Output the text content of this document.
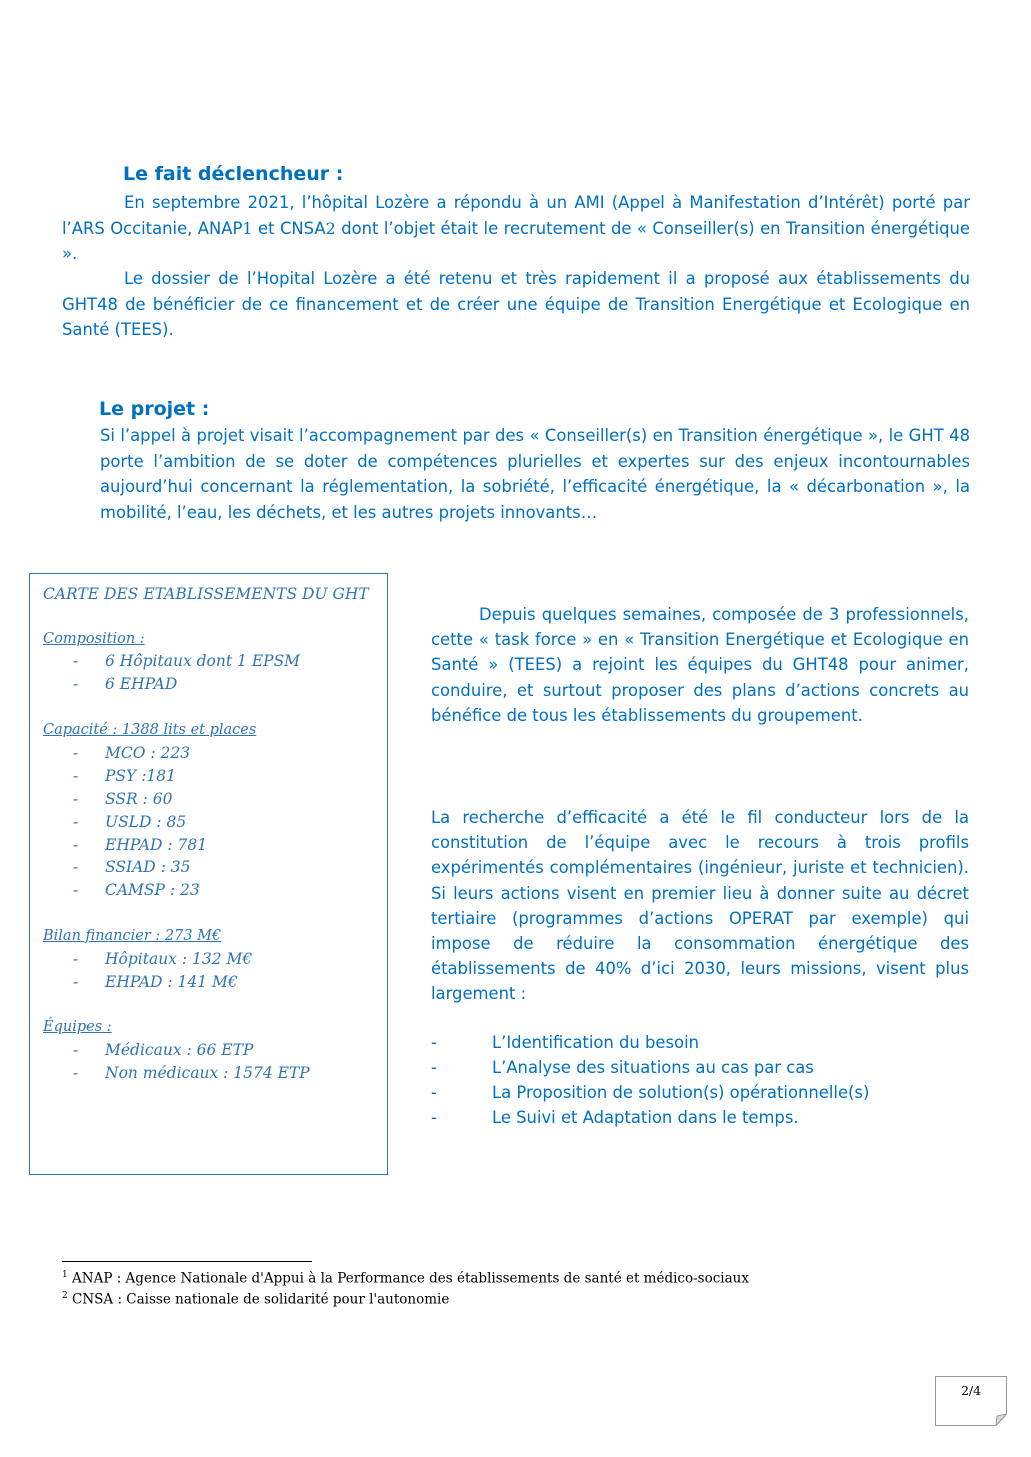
Le fait déclencheur :

En septembre 2021, l’hôpital Lozère a répondu à un AMI (Appel à Manifestation d’Intérêt) porté par l’ARS Occitanie, ANAP1 et CNSA2 dont l’objet était le recrutement de « Conseiller(s) en Transition énergétique ».

Le dossier de l’Hopital Lozère a été retenu et très rapidement il a proposé aux établissements du GHT48 de bénéficier de ce financement et de créer une équipe de Transition Energétique et Ecologique en Santé (TEES).

Le projet :

Si l’appel à projet visait l’accompagnement par des « Conseiller(s) en Transition énergétique », le GHT 48 porte l’ambition de se doter de compétences plurielles et expertes sur des enjeux incontournables aujourd’hui concernant la réglementation, la sobriété, l’efficacité énergétique, la « décarbonation », la mobilité, l’eau, les déchets, et les autres projets innovants…

CARTE DES ETABLISSEMENTS DU GHT

Composition :

- 6 Hôpitaux dont 1 EPSM

- 6 EHPAD

Capacité : 1388 lits et places

- MCO : 223

- PSY :181

- SSR : 60

- USLD : 85

- EHPAD : 781

- SSIAD : 35

- CAMSP : 23

Bilan financier : 273 M€

- Hôpitaux : 132 M€

- EHPAD : 141 M€

Équipes :

- Médicaux : 66 ETP

- Non médicaux : 1574 ETP

Depuis quelques semaines, composée de 3 professionnels, cette « task force » en « Transition Energétique et Ecologique en Santé » (TEES) a rejoint les équipes du GHT48 pour animer, conduire, et surtout proposer des plans d’actions concrets au bénéfice de tous les établissements du groupement.

La recherche d’efficacité a été le fil conducteur lors de la constitution de l’équipe avec le recours à trois profils expérimentés complémentaires (ingénieur, juriste et technicien). Si leurs actions visent en premier lieu à donner suite au décret tertiaire (programmes d’actions OPERAT par exemple) qui impose de réduire la consommation énergétique des établissements de 40% d’ici 2030, leurs missions, visent plus largement :

-	L’Identification du besoin

-	L’Analyse des situations au cas par cas

-	La Proposition de solution(s) opérationnelle(s)

-	Le Suivi et Adaptation dans le temps.

$^1$ ANAP : Agence Nationale d'Appui à la Performance des établissements de santé et médico-sociaux

$^2$ CNSA : Caisse nationale de solidarité pour l'autonomie

2/4
